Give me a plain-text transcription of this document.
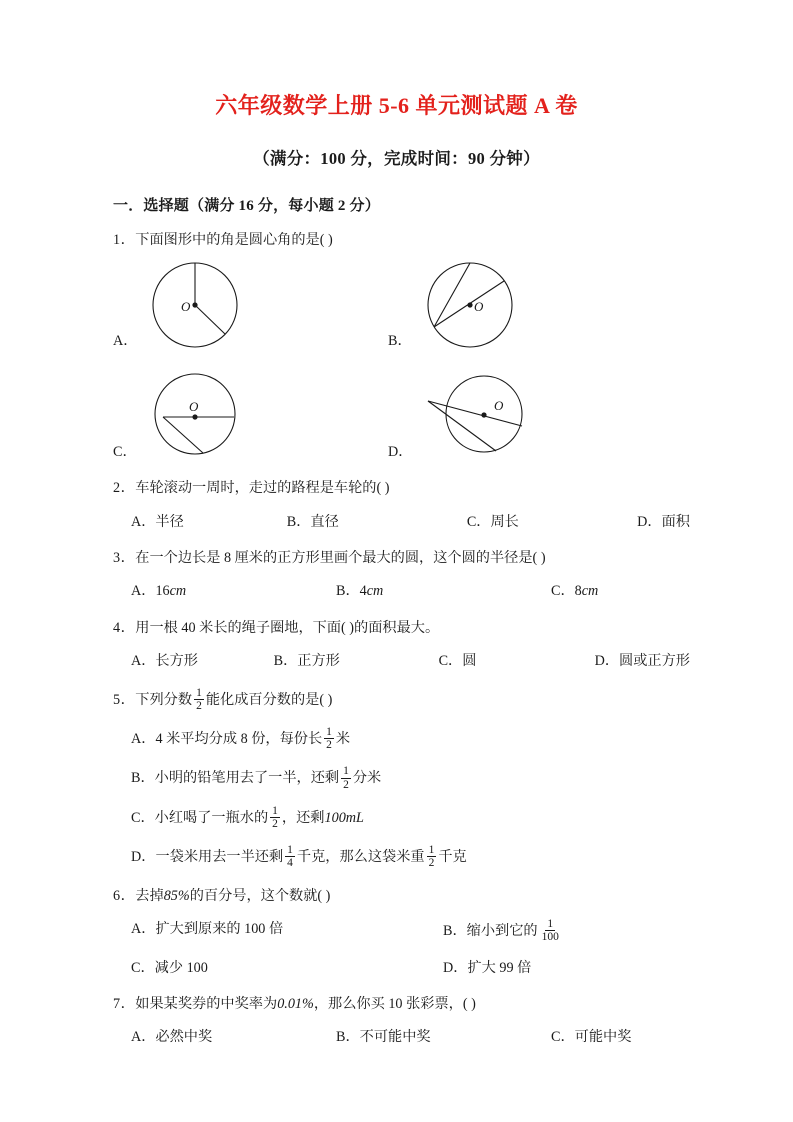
六年级数学上册 5-6 单元测试题 A 卷
（满分：100 分，完成时间：90 分钟）
一．选择题（满分 16 分，每小题 2 分）
1．下面图形中的角是圆心角的是( )
A．
O
B．
O
C．
O
D．
O
2．车轮滚动一周时，走过的路程是车轮的( )
A．半径	B．直径	C．周长	D．面积
3．在一个边长是 8 厘米的正方形里画个最大的圆，这个圆的半径是( )
A．16cm	B．4cm	C．8cm
4．用一根 40 米长的绳子圈地，下面( )的面积最大。
A．长方形	B．正方形	C．圆	D．圆或正方形
5．下列分数 $\frac{1}{2}$ 能化成百分数的是( )
A．4 米平均分成 8 份，每份长 $\frac{1}{2}$ 米
B．小明的铅笔用去了一半，还剩 $\frac{1}{2}$ 分米
C．小红喝了一瓶水的 $\frac{1}{2}$ ，还剩100mL
D．一袋米用去一半还剩 $\frac{1}{4}$ 千克，那么这袋米重 $\frac{1}{2}$ 千克
6．去掉85%的百分号，这个数就( )
A．扩大到原来的 100 倍	B．缩小到它的 $\frac{1}{100}$
C．减少 100	D．扩大 99 倍
7．如果某奖券的中奖率为0.01%，那么你买 10 张彩票，( )
A．必然中奖	B．不可能中奖	C．可能中奖
